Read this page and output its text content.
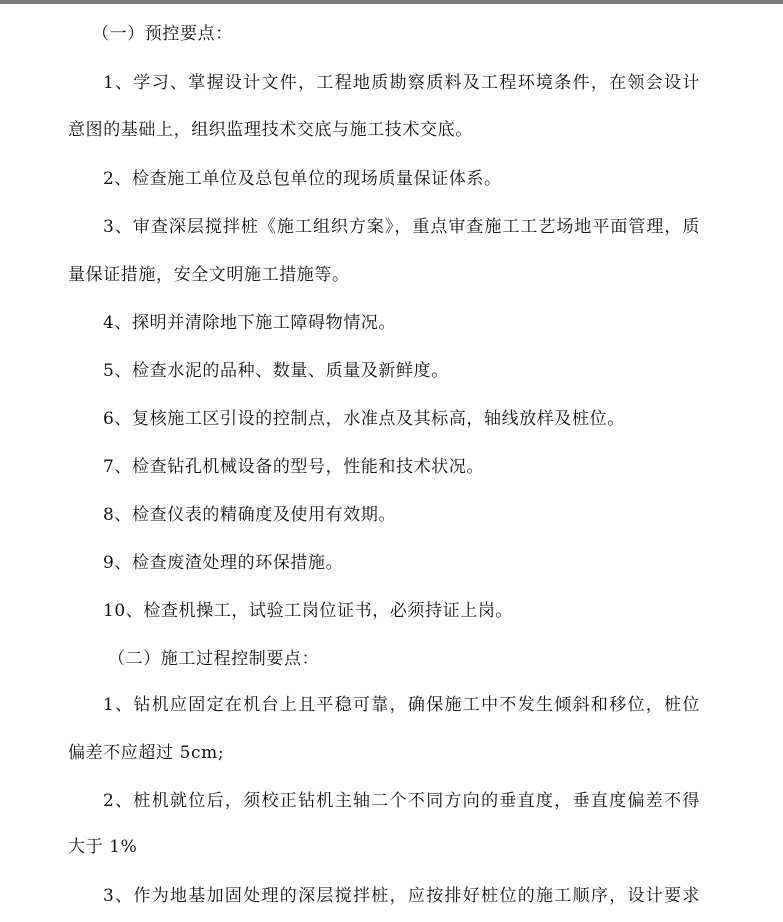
（一）预控要点：
1、学习、掌握设计文件，工程地质勘察质料及工程环境条件，在领会设计
意图的基础上，组织监理技术交底与施工技术交底。
2、检查施工单位及总包单位的现场质量保证体系。
3、审查深层搅拌桩《施工组织方案》，重点审查施工工艺场地平面管理，质
量保证措施，安全文明施工措施等。
4、探明并清除地下施工障碍物情况。
5、检查水泥的品种、数量、质量及新鲜度。
6、复核施工区引设的控制点，水准点及其标高，轴线放样及桩位。
7、检查钻孔机械设备的型号，性能和技术状况。
8、检查仪表的精确度及使用有效期。
9、检查废渣处理的环保措施。
10、检查机操工，试验工岗位证书，必须持证上岗。
（二）施工过程控制要点：
1、钻机应固定在机台上且平稳可靠，确保施工中不发生倾斜和移位，桩位
偏差不应超过 5cm;
2、桩机就位后，须校正钻机主轴二个不同方向的垂直度，垂直度偏差不得
大于 1%
3、作为地基加固处理的深层搅拌桩，应按排好桩位的施工顺序，设计要求
